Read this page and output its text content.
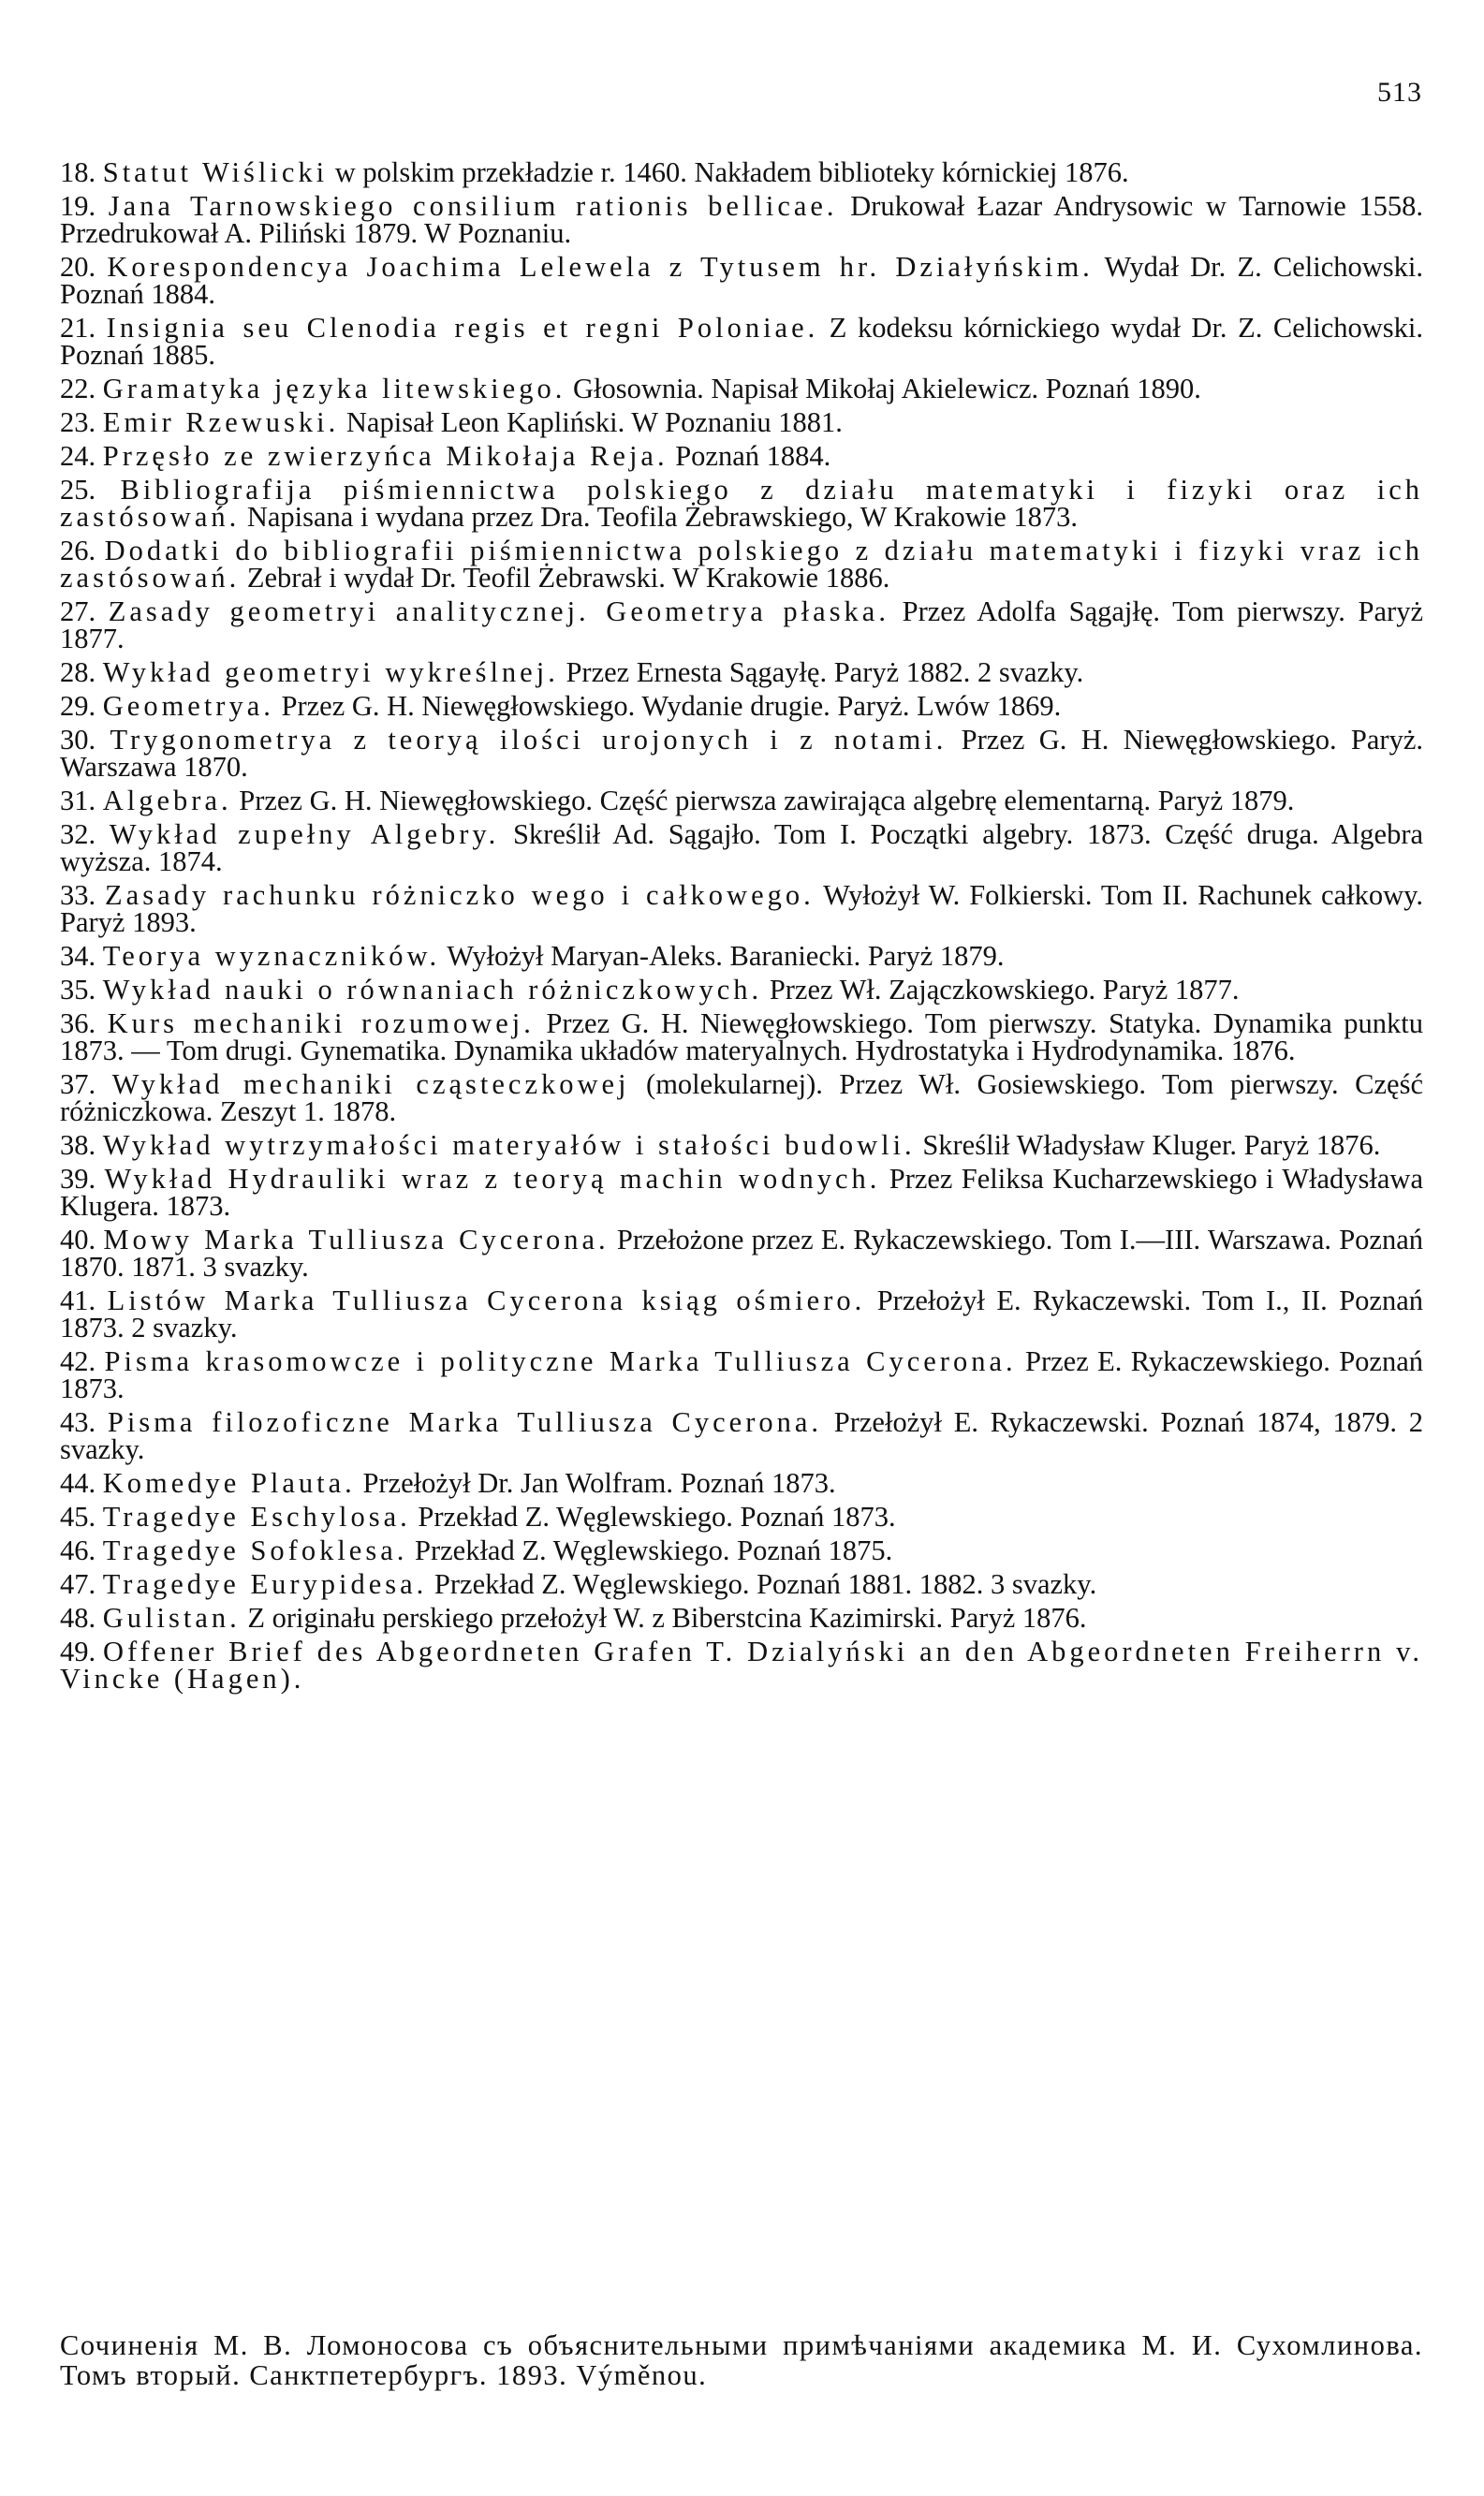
513

18. Statut Wiślicki w polskim przekładzie r. 1460. Nakładem biblioteky kórnickiej 1876.

19. Jana Tarnowskiego consilium rationis bellicae. Drukował Łazar Andrysowic w Tarnowie 1558. Przedrukował A. Piliński 1879. W Poznaniu.

20. Korespondencya Joachima Lelewela z Tytusem hr. Działyńskim. Wydał Dr. Z. Celichowski. Poznań 1884.

21. Insignia seu Clenodia regis et regni Poloniae. Z kodeksu kórnickiego wydał Dr. Z. Celichowski. Poznań 1885.

22. Gramatyka języka litewskiego. Głosownia. Napisał Mikołaj Akielewicz. Poznań 1890.

23. Emir Rzewuski. Napisał Leon Kapliński. W Poznaniu 1881.

24. Przęsło ze zwierzyńca Mikołaja Reja. Poznań 1884.

25. Bibliografija piśmiennictwa polskiego z działu matematyki i fizyki oraz ich zastósowań. Napisana i wydana przez Dra. Teofila Żebrawskiego, W Krakowie 1873.

26. Dodatki do bibliografii piśmiennictwa polskiego z działu matematyki i fizyki vraz ich zastósowań. Zebrał i wydał Dr. Teofil Żebrawski. W Krakowie 1886.

27. Zasady geometryi analitycznej. Geometrya płaska. Przez Adolfa Sągajłę. Tom pierwszy. Paryż 1877.

28. Wykład geometryi wykreślnej. Przez Ernesta Sągayłę. Paryż 1882. 2 svazky.

29. Geometrya. Przez G. H. Niewęgłowskiego. Wydanie drugie. Paryż. Lwów 1869.

30. Trygonometrya z teoryą ilości urojonych i z notami. Przez G. H. Niewęgłowskiego. Paryż. Warszawa 1870.

31. Algebra. Przez G. H. Niewęgłowskiego. Część pierwsza zawirająca algebrę elementarną. Paryż 1879.

32. Wykład zupełny Algebry. Skreślił Ad. Sągajło. Tom I. Początki algebry. 1873. Część druga. Algebra wyższa. 1874.

33. Zasady rachunku różniczko wego i całkowego. Wyłożył W. Folkierski. Tom II. Rachunek całkowy. Paryż 1893.

34. Teorya wyznaczników. Wyłożył Maryan-Aleks. Baraniecki. Paryż 1879.

35. Wykład nauki o równaniach różniczkowych. Przez Wł. Zajączkowskiego. Paryż 1877.

36. Kurs mechaniki rozumowej. Przez G. H. Niewęgłowskiego. Tom pierwszy. Statyka. Dynamika punktu 1873. — Tom drugi. Gynematika. Dynamika układów materyalnych. Hydrostatyka i Hydrodynamika. 1876.

37. Wykład mechaniki cząsteczkowej (molekularnej). Przez Wł. Gosiewskiego. Tom pierwszy. Część różniczkowa. Zeszyt 1. 1878.

38. Wykład wytrzymałości materyałów i stałości budowli. Skreślił Władysław Kluger. Paryż 1876.

39. Wykład Hydrauliki wraz z teoryą machin wodnych. Przez Feliksa Kucharzewskiego i Władysława Klugera. 1873.

40. Mowy Marka Tulliusza Cycerona. Przełożone przez E. Rykaczewskiego. Tom I.—III. Warszawa. Poznań 1870. 1871. 3 svazky.

41. Listów Marka Tulliusza Cycerona ksiąg ośmiero. Przełożył E. Rykaczewski. Tom I., II. Poznań 1873. 2 svazky.

42. Pisma krasomowcze i polityczne Marka Tulliusza Cycerona. Przez E. Rykaczewskiego. Poznań 1873.

43. Pisma filozoficzne Marka Tulliusza Cycerona. Przełożył E. Rykaczewski. Poznań 1874, 1879. 2 svazky.

44. Komedye Plauta. Przełożył Dr. Jan Wolfram. Poznań 1873.

45. Tragedye Eschylosa. Przekład Z. Węglewskiego. Poznań 1873.

46. Tragedye Sofoklesa. Przekład Z. Węglewskiego. Poznań 1875.

47. Tragedye Eurypidesa. Przekład Z. Węglewskiego. Poznań 1881. 1882. 3 svazky.

48. Gulistan. Z originału perskiego przełożył W. z Biberstcina Kazimirski. Paryż 1876.

49. Offener Brief des Abgeordneten Grafen T. Dzialyński an den Abgeordneten Freiherrn v. Vincke (Hagen).

Сочиненія М. В. Ломоносова съ объяснительными примѣчаніями академика М. И. Сухомлинова. Томъ вторый. Санктпетербургъ. 1893. Výměnou.
